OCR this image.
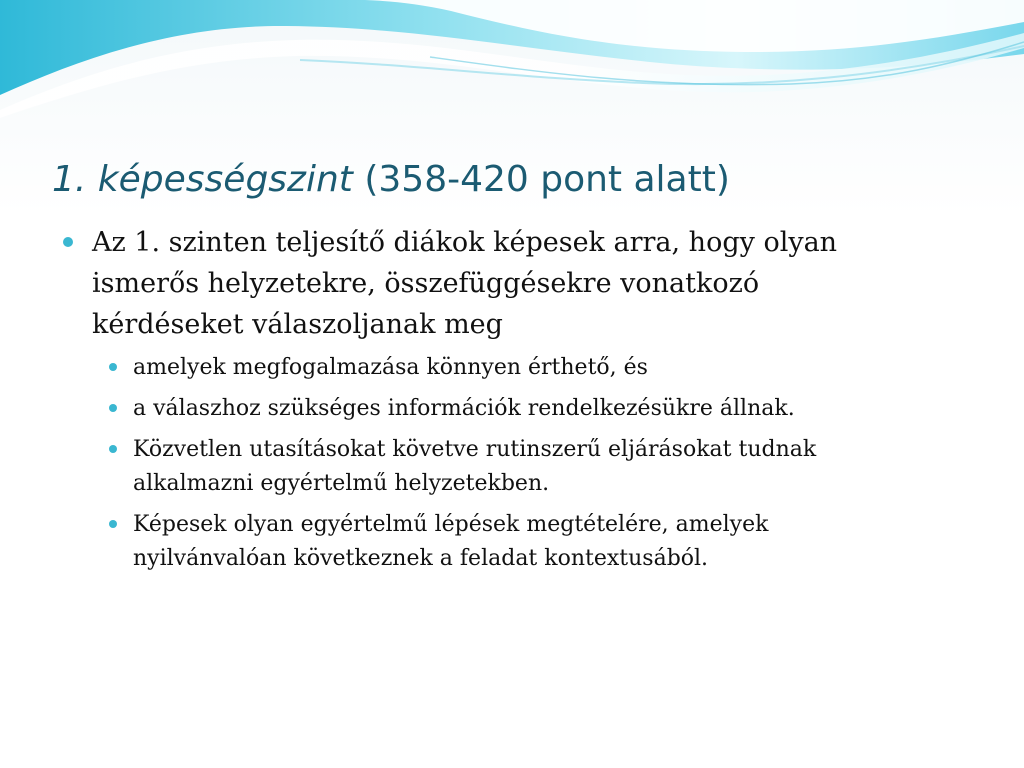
1. képességszint (358-420 pont alatt)
Az 1. szinten teljesítő diákok képesek arra, hogy olyan ismerős helyzetekre, összefüggésekre vonatkozó kérdéseket válaszoljanak meg
amelyek megfogalmazása könnyen érthető, és
a válaszhoz szükséges információk rendelkezésükre állnak.
Közvetlen utasításokat követve rutinszerű eljárásokat tudnak alkalmazni egyértelmű helyzetekben.
Képesek olyan egyértelmű lépések megtételére, amelyek nyilvánvalóan következnek a feladat kontextusából.
